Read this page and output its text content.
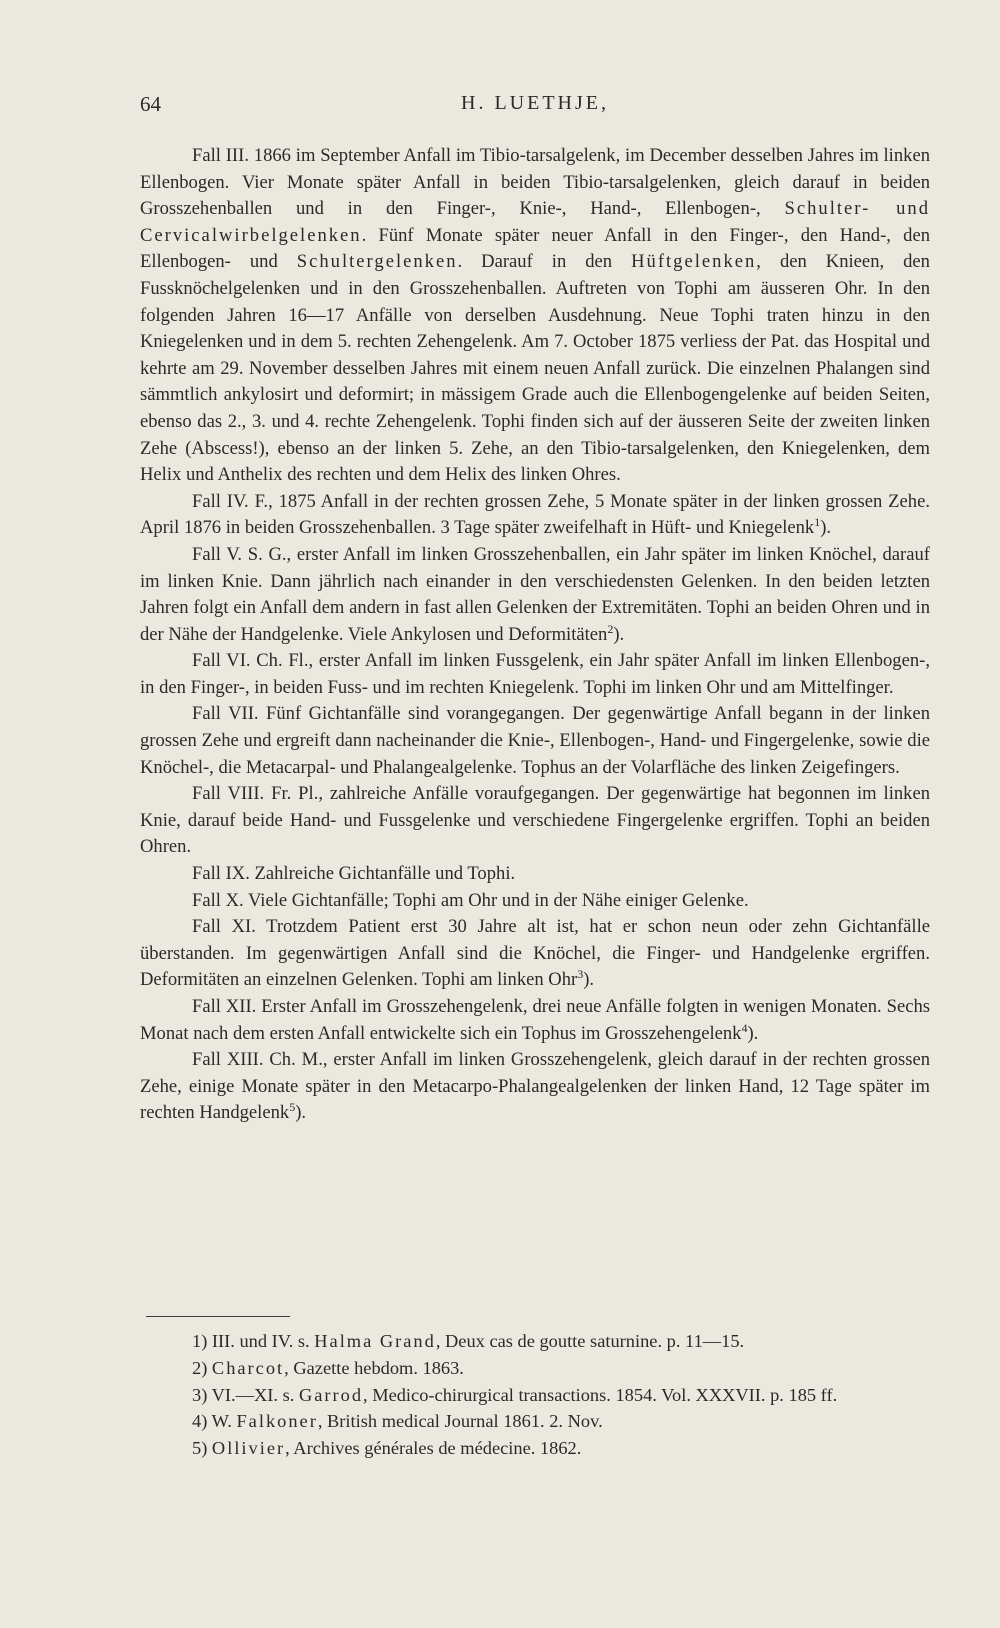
64	H. LUETHJE,

Fall III. 1866 im September Anfall im Tibio-tarsalgelenk, im December desselben Jahres im linken Ellenbogen. Vier Monate später Anfall in beiden Tibio-tarsalgelenken, gleich darauf in beiden Grosszehenballen und in den Finger-, Knie-, Hand-, Ellenbogen-, Schulter- und Cervicalwirbelgelenken. Fünf Monate später neuer Anfall in den Finger-, den Hand-, den Ellenbogen- und Schultergelenken. Darauf in den Hüftgelenken, den Knieen, den Fussknöchelgelenken und in den Grosszehenballen. Auftreten von Tophi am äusseren Ohr. In den folgenden Jahren 16—17 Anfälle von derselben Ausdehnung. Neue Tophi traten hinzu in den Kniegelenken und in dem 5. rechten Zehengelenk. Am 7. October 1875 verliess der Pat. das Hospital und kehrte am 29. November desselben Jahres mit einem neuen Anfall zurück. Die einzelnen Phalangen sind sämmtlich ankylosirt und deformirt; in mässigem Grade auch die Ellenbogengelenke auf beiden Seiten, ebenso das 2., 3. und 4. rechte Zehengelenk. Tophi finden sich auf der äusseren Seite der zweiten linken Zehe (Abscess!), ebenso an der linken 5. Zehe, an den Tibio-tarsalgelenken, den Kniegelenken, dem Helix und Anthelix des rechten und dem Helix des linken Ohres.

Fall IV. F., 1875 Anfall in der rechten grossen Zehe, 5 Monate später in der linken grossen Zehe. April 1876 in beiden Grosszehenballen. 3 Tage später zweifelhaft in Hüft- und Kniegelenk$^1$).

Fall V. S. G., erster Anfall im linken Grosszehenballen, ein Jahr später im linken Knöchel, darauf im linken Knie. Dann jährlich nach einander in den verschiedensten Gelenken. In den beiden letzten Jahren folgt ein Anfall dem andern in fast allen Gelenken der Extremitäten. Tophi an beiden Ohren und in der Nähe der Handgelenke. Viele Ankylosen und Deformitäten$^2$).

Fall VI. Ch. Fl., erster Anfall im linken Fussgelenk, ein Jahr später Anfall im linken Ellenbogen-, in den Finger-, in beiden Fuss- und im rechten Kniegelenk. Tophi im linken Ohr und am Mittelfinger.

Fall VII. Fünf Gichtanfälle sind vorangegangen. Der gegenwärtige Anfall begann in der linken grossen Zehe und ergreift dann nacheinander die Knie-, Ellenbogen-, Hand- und Fingergelenke, sowie die Knöchel-, die Metacarpal- und Phalangealgelenke. Tophus an der Volarfläche des linken Zeigefingers.

Fall VIII. Fr. Pl., zahlreiche Anfälle voraufgegangen. Der gegenwärtige hat begonnen im linken Knie, darauf beide Hand- und Fussgelenke und verschiedene Fingergelenke ergriffen. Tophi an beiden Ohren.

Fall IX. Zahlreiche Gichtanfälle und Tophi.

Fall X. Viele Gichtanfälle; Tophi am Ohr und in der Nähe einiger Gelenke.

Fall XI. Trotzdem Patient erst 30 Jahre alt ist, hat er schon neun oder zehn Gichtanfälle überstanden. Im gegenwärtigen Anfall sind die Knöchel, die Finger- und Handgelenke ergriffen. Deformitäten an einzelnen Gelenken. Tophi am linken Ohr$^3$).

Fall XII. Erster Anfall im Grosszehengelenk, drei neue Anfälle folgten in wenigen Monaten. Sechs Monat nach dem ersten Anfall entwickelte sich ein Tophus im Grosszehengelenk$^4$).

Fall XIII. Ch. M., erster Anfall im linken Grosszehengelenk, gleich darauf in der rechten grossen Zehe, einige Monate später in den Metacarpo-Phalangealgelenken der linken Hand, 12 Tage später im rechten Handgelenk$^5$).

1) III. und IV. s. Halma Grand, Deux cas de goutte saturnine. p. 11—15.

2) Charcot, Gazette hebdom. 1863.

3) VI.—XI. s. Garrod, Medico-chirurgical transactions. 1854. Vol. XXXVII. p. 185 ff.

4) W. Falkoner, British medical Journal 1861. 2. Nov.

5) Ollivier, Archives générales de médecine. 1862.
